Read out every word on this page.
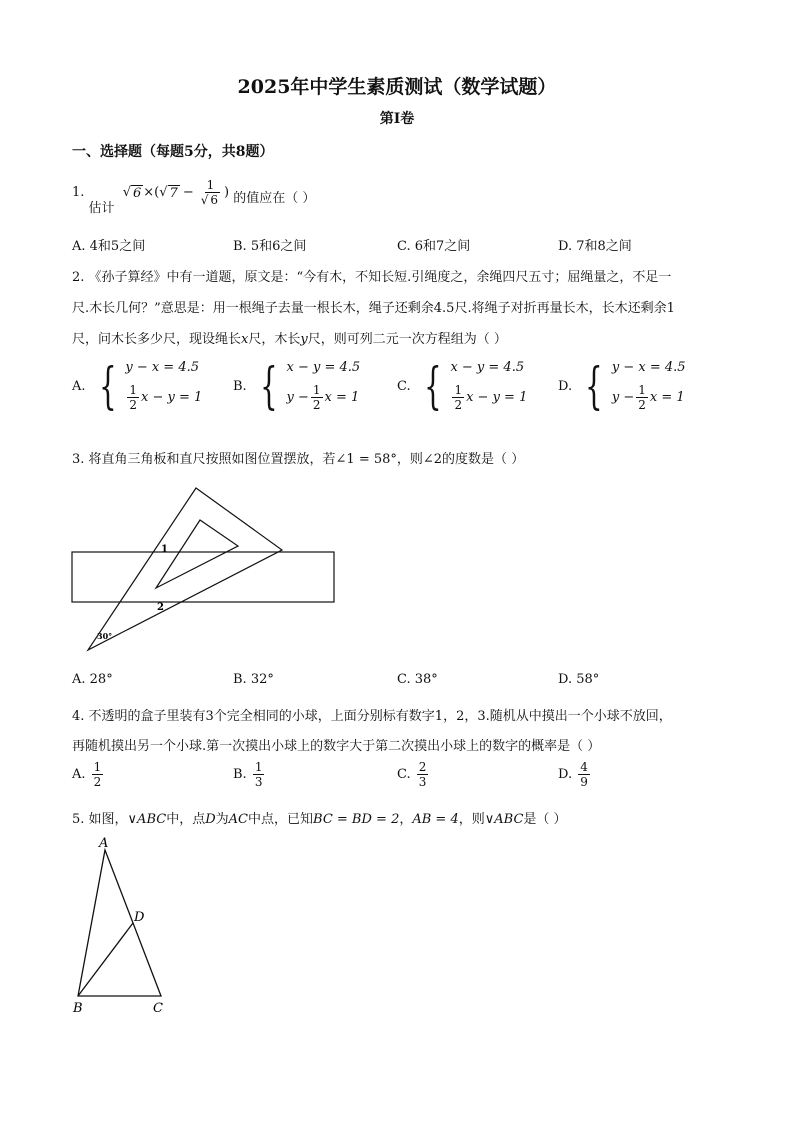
2025年中学生素质测试（数学试题）
第I卷
一、选择题（每题5分，共8题）
1. 估计
√ 6 ×( √ $7 - \frac{1}{√ 6}$ ) 的值应在（ ）
A. 4和5之间	B. 5和6之间	C. 6和7之间	D. 7和8之间
2. 《孙子算经》中有一道题，原文是：“今有木，不知长短.引绳度之，余绳四尺五寸；屈绳量之，不足一
尺.木长几何？”意思是：用一根绳子去量一根长木，绳子还剩余4.5尺.将绳子对折再量长木，长木还剩余1
尺，问木长多少尺，现设绳长x尺，木长y尺，则可列二元一次方程组为（ ）
A. { y − x = 4.5
$\frac{1}{2}$ x − y = 1
B. { x − y = 4.5
$y - \frac{1}{2}$ x = 1
C. { x − y = 4.5
$\frac{1}{2}$ x − y = 1
D. { y − x = 4.5
$y - \frac{1}{2}$ x = 1
3. 将直角三角板和直尺按照如图位置摆放，若∠1 = 58°，则∠2的度数是（ ）
1
2
30°
A. 28°	B. 32°	C. 38°	D. 58°
4. 不透明的盒子里装有3个完全相同的小球，上面分别标有数字1，2，3.随机从中摸出一个小球不放回，
再随机摸出另一个小球.第一次摸出小球上的数字大于第二次摸出小球上的数字的概率是（ ）
A. $\frac{1}{2}$	B. $\frac{1}{3}$	C. $\frac{2}{3}$	D. $\frac{4}{9}$
5. 如图，∨ABC中，点D为AC中点，已知BC = BD = 2，AB = 4，则∨ABC是（ ）
A
B	C
D
